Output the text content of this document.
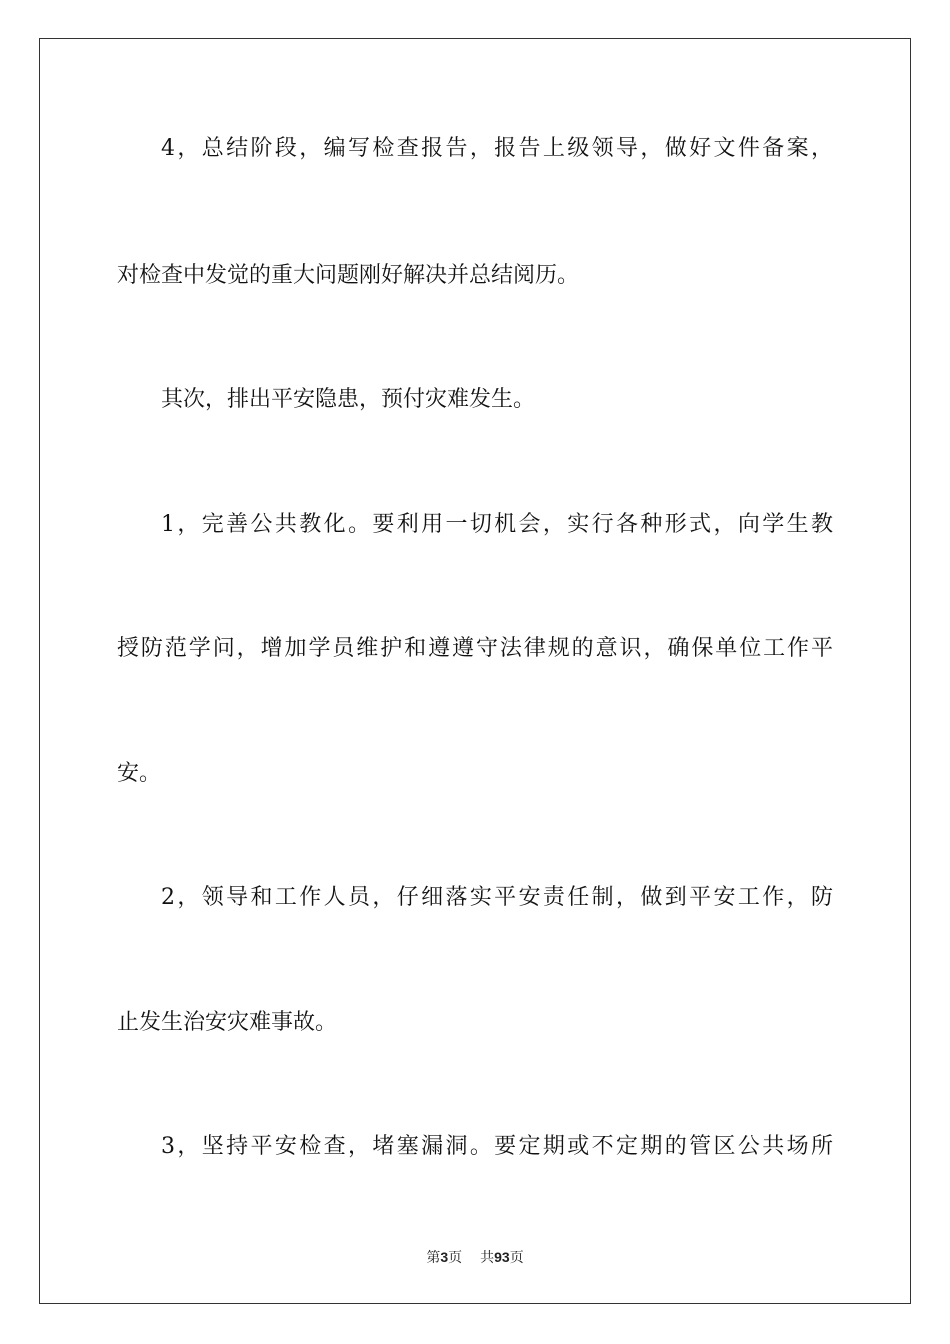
4，总结阶段，编写检查报告，报告上级领导，做好文件备案，
对检查中发觉的重大问题刚好解决并总结阅历。
其次，排出平安隐患，预付灾难发生。
1，完善公共教化。要利用一切机会，实行各种形式，向学生教
授防范学问，增加学员维护和遵遵守法律规的意识，确保单位工作平
安。
2，领导和工作人员，仔细落实平安责任制，做到平安工作，防
止发生治安灾难事故。
3，坚持平安检查，堵塞漏洞。要定期或不定期的管区公共场所
第3页 共93页
